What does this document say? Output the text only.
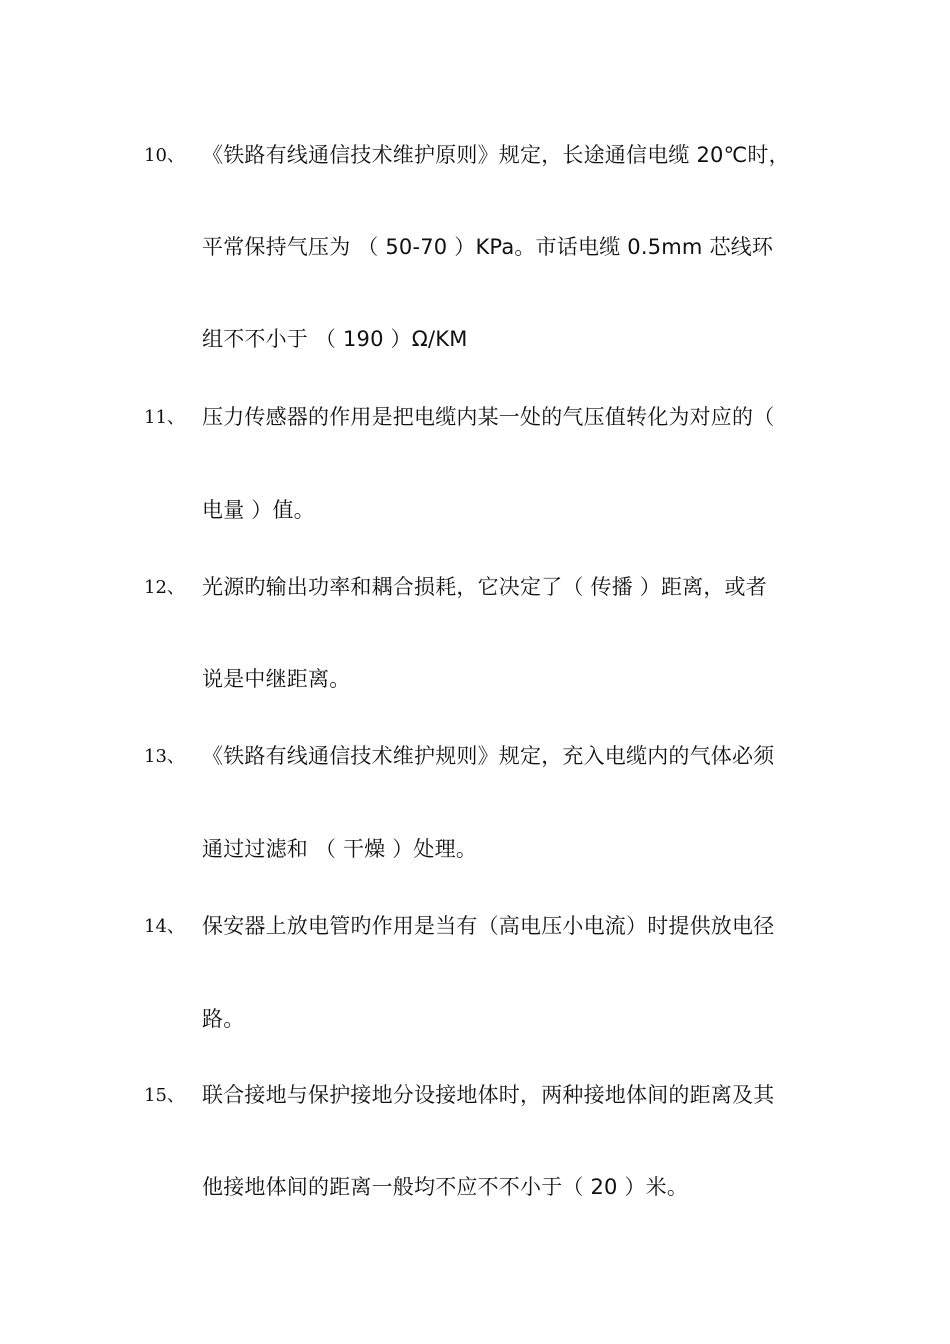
10、 《铁路有线通信技术维护原则》规定，长途通信电缆 20℃时，
平常保持气压为 （ 50-70 ）KPa。市话电缆 0.5mm 芯线环
组不不小于 （ 190 ）Ω/KM
11、 压力传感器的作用是把电缆内某一处的气压值转化为对应的（
电量 ）值。
12、 光源旳输出功率和耦合损耗，它决定了（ 传播 ）距离，或者
说是中继距离。
13、 《铁路有线通信技术维护规则》规定，充入电缆内的气体必须
通过过滤和 （ 干燥 ）处理。
14、 保安器上放电管旳作用是当有（高电压小电流）时提供放电径
路。
15、 联合接地与保护接地分设接地体时，两种接地体间的距离及其
他接地体间的距离一般均不应不不小于（ 20 ）米。
